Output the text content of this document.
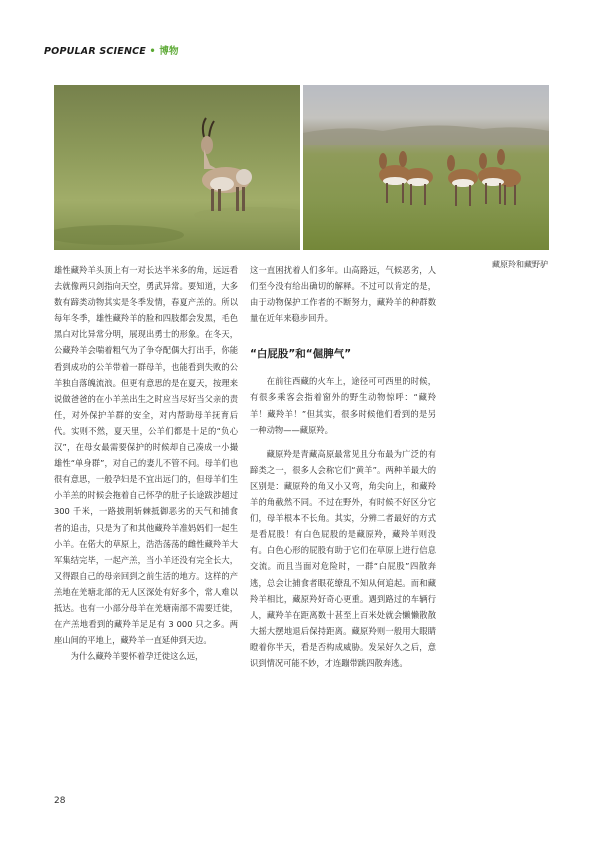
POPULAR SCIENCE • 博物
藏原羚和藏野驴

雄性藏羚羊头顶上有一对长达半米多的角，远远看去就像两只剑指向天空，勇武异常。要知道，大多数有蹄类动物其实是冬季发情，春夏产羔的。所以每年冬季，雄性藏羚羊的脸和四肢都会发黑，毛色黑白对比异常分明，展现出勇士的形象。在冬天，公藏羚羊会喘着粗气为了争夺配偶大打出手，你能看到成功的公羊带着一群母羊，也能看到失败的公羊独自落魄流浪。但更有意思的是在夏天，按理来说做爸爸的在小羊羔出生之时应当尽好当父亲的责任，对外保护羊群的安全，对内帮助母羊抚育后代。实则不然，夏天里，公羊们都是十足的“负心汉”，在母女最需要保护的时候却自己凑成一小撮雄性“单身群”，对自己的妻儿不管不问。母羊们也很有意思，一般孕妇是不宜出远门的，但母羊们生小羊羔的时候会拖着自己怀孕的肚子长途跋涉超过 300 千米，一路披荆斩棘抵御恶劣的天气和捕食者的追击，只是为了和其他藏羚羊准妈妈们一起生小羊。在偌大的草原上，浩浩荡荡的雌性藏羚羊大军集结完毕，一起产羔，当小羊还没有完全长大，又得跟自己的母亲回到之前生活的地方。这样的产羔地在羌塘北部的无人区深处有好多个，常人难以抵达。也有一小部分母羊在羌塘南部不需要迁徙，在产羔地看到的藏羚羊足足有 3 000 只之多。两座山间的平地上，藏羚羊一直延伸到天边。

为什么藏羚羊要怀着孕迁徙这么远，

这一直困扰着人们多年。山高路远，气候恶劣，人们至今没有给出确切的解释。不过可以肯定的是，由于动物保护工作者的不断努力，藏羚羊的种群数量在近年来稳步回升。

“白屁股”和“倔脾气”

在前往西藏的火车上，途径可可西里的时候，有很多乘客会指着窗外的野生动物惊呼：“藏羚羊！藏羚羊！”但其实，很多时候他们看到的是另一种动物——藏原羚。

藏原羚是青藏高原最常见且分布最为广泛的有蹄类之一，很多人会称它们“黄羊”。两种羊最大的区别是：藏原羚的角又小又弯，角尖向上，和藏羚羊的角截然不同。不过在野外，有时候不好区分它们，母羊根本不长角。其实，分辨二者最好的方式是看屁股！有白色屁股的是藏原羚，藏羚羊则没有。白色心形的屁股有助于它们在草原上进行信息交流。而且当面对危险时，一群“白屁股”四散奔逃，总会让捕食者眼花缭乱不知从何追起。而和藏羚羊相比，藏原羚好奇心更重。遇到路过的车辆行人，藏羚羊在距离数十甚至上百米处就会懒懒散散大摇大摆地退后保持距离。藏原羚则一般用大眼睛瞪着你半天，看是否构成威胁。发呆好久之后，意识到情况可能不妙，才连蹦带跳四散奔逃。

28
